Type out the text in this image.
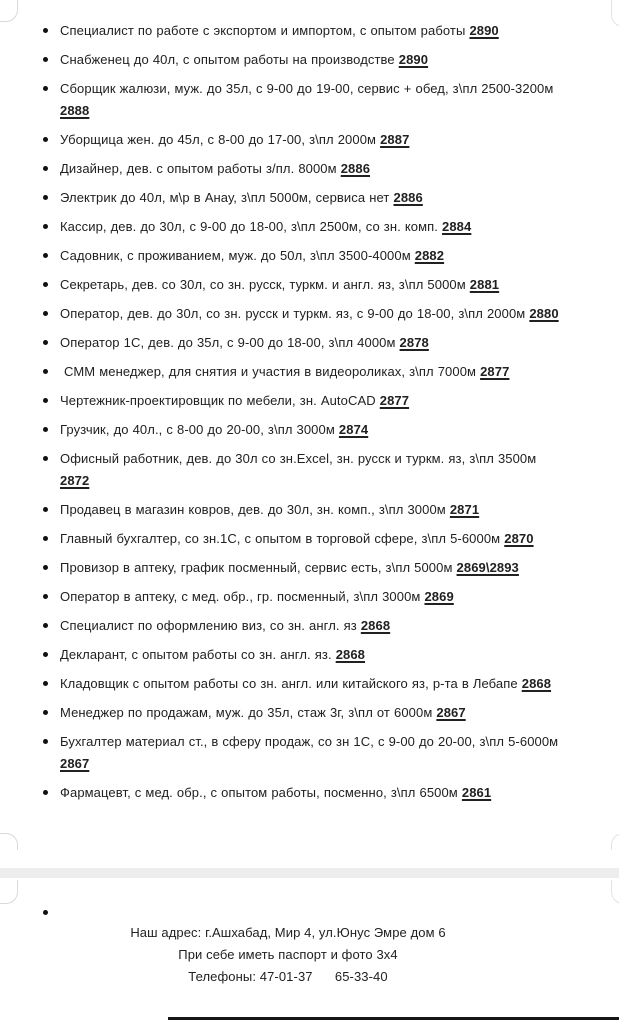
Специалист по работе с экспортом и импортом, с опытом работы 2890
Снабженец до 40л, с опытом работы на производстве 2890
Сборщик жалюзи, муж. до 35л, с 9-00 до 19-00, сервис + обед, з\пл 2500-3200м
2888
Уборщица жен. до 45л, с 8-00 до 17-00, з\пл 2000м 2887
Дизайнер, дев. с опытом работы з/пл. 8000м 2886
Электрик до 40л, м\р в Анау, з\пл 5000м, сервиса нет 2886
Кассир, дев. до 30л, с 9-00 до 18-00, з\пл 2500м, со зн. комп. 2884
Садовник, с проживанием, муж. до 50л, з\пл 3500-4000м 2882
Секретарь, дев. со 30л, со зн. русск, туркм. и англ. яз, з\пл 5000м 2881
Оператор, дев. до 30л, со зн. русск и туркм. яз, с 9-00 до 18-00, з\пл 2000м 2880
Оператор 1С, дев. до 35л, с 9-00 до 18-00, з\пл 4000м 2878
СММ менеджер, для снятия и участия в видеороликах, з\пл 7000м 2877
Чертежник-проектировщик по мебели, зн. AutoCAD 2877
Грузчик, до 40л., с 8-00 до 20-00, з\пл 3000м 2874
Офисный работник, дев. до 30л со зн.Excel, зн. русск и туркм. яз, з\пл 3500м
2872
Продавец в магазин ковров, дев. до 30л, зн. комп., з\пл 3000м 2871
Главный бухгалтер, со зн.1С, с опытом в торговой сфере, з\пл 5-6000м 2870
Провизор в аптеку, график посменный, сервис есть, з\пл 5000м 2869\2893
Оператор в аптеку, с мед. обр., гр. посменный, з\пл 3000м 2869
Специалист по оформлению виз, со зн. англ. яз 2868
Декларант, с опытом работы со зн. англ. яз. 2868
Кладовщик с опытом работы со зн. англ. или китайского яз, р-та в Лебапе 2868
Менеджер по продажам, муж. до 35л, стаж 3г, з\пл от 6000м 2867
Бухгалтер материал ст., в сферу продаж, со зн 1С, с 9-00 до 20-00, з\пл 5-6000м
2867
Фармацевт, с мед. обр., с опытом работы, посменно, з\пл 6500м 2861
Наш адрес: г.Ашхабад, Мир 4, ул.Юнус Эмре дом 6
При себе иметь паспорт и фото 3х4
Телефоны: 47-01-37      65-33-40
